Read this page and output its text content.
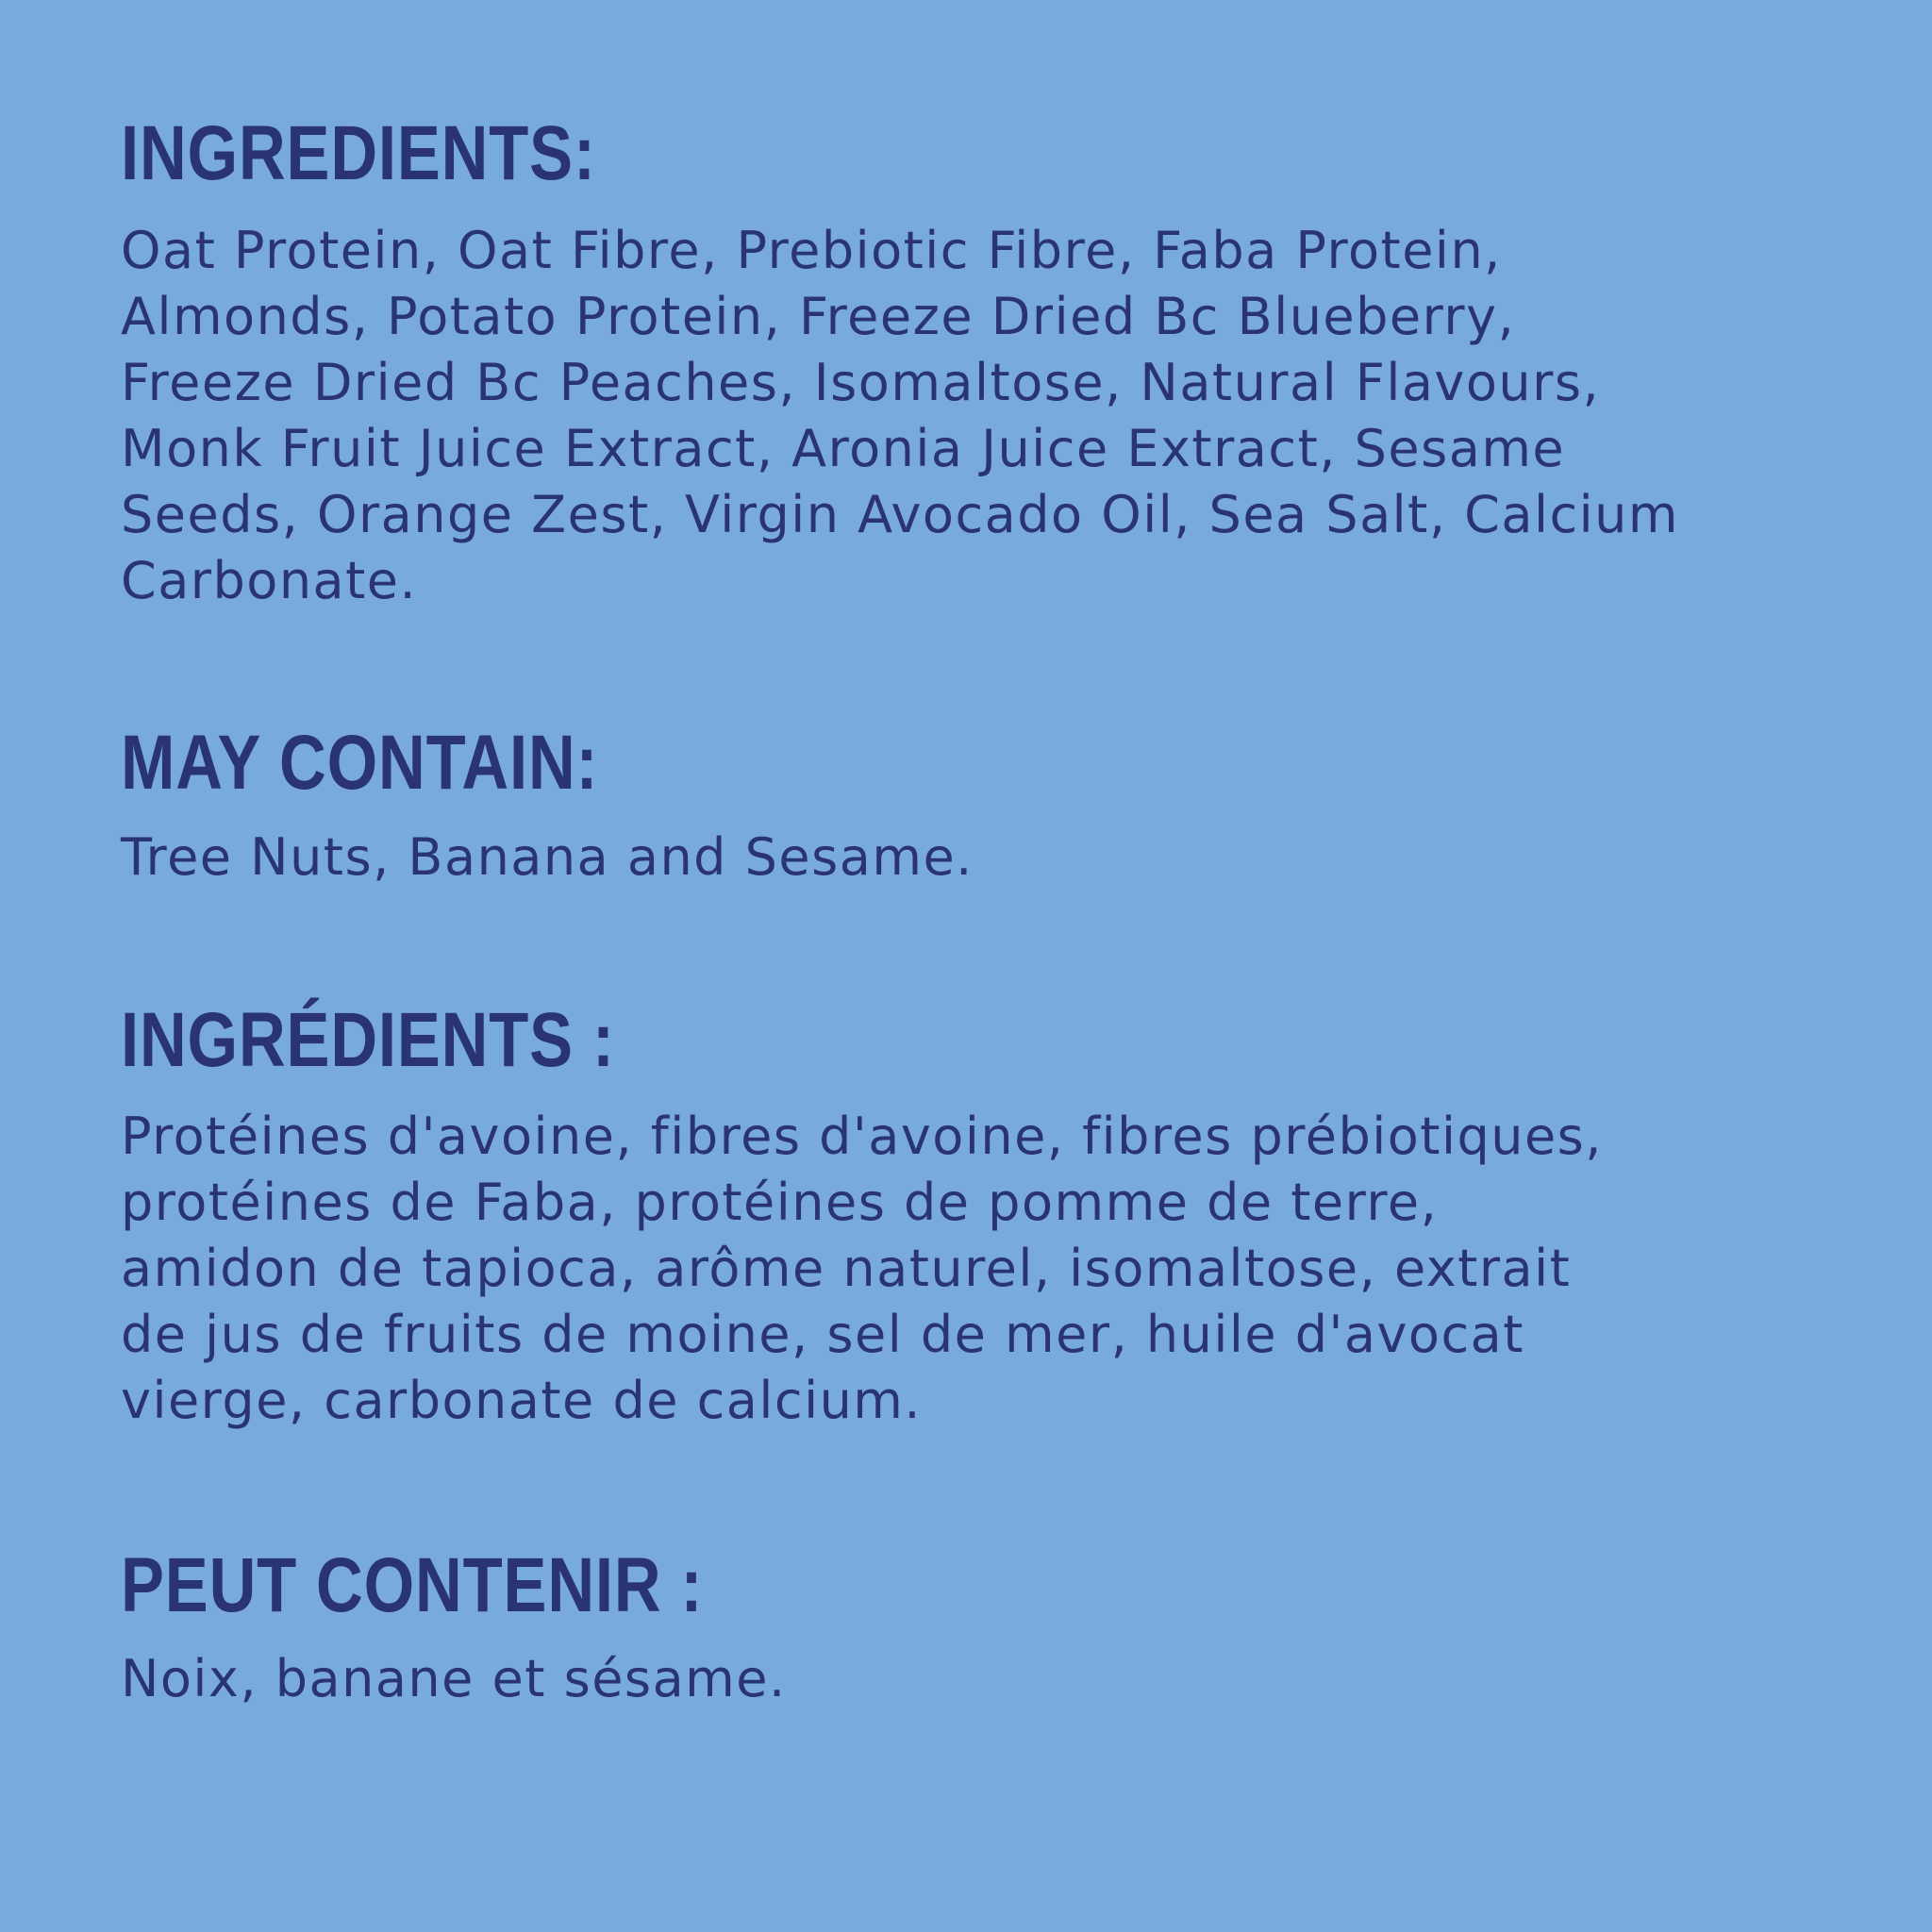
INGREDIENTS:

Oat Protein, Oat Fibre, Prebiotic Fibre, Faba Protein,
Almonds, Potato Protein, Freeze Dried Bc Blueberry,
Freeze Dried Bc Peaches, Isomaltose, Natural Flavours,
Monk Fruit Juice Extract, Aronia Juice Extract, Sesame
Seeds, Orange Zest, Virgin Avocado Oil, Sea Salt, Calcium
Carbonate.

MAY CONTAIN:

Tree Nuts, Banana and Sesame.

INGRÉDIENTS :

Protéines d'avoine, fibres d'avoine, fibres prébiotiques,
protéines de Faba, protéines de pomme de terre,
amidon de tapioca, arôme naturel, isomaltose, extrait
de jus de fruits de moine, sel de mer, huile d'avocat
vierge, carbonate de calcium.

PEUT CONTENIR :

Noix, banane et sésame.
